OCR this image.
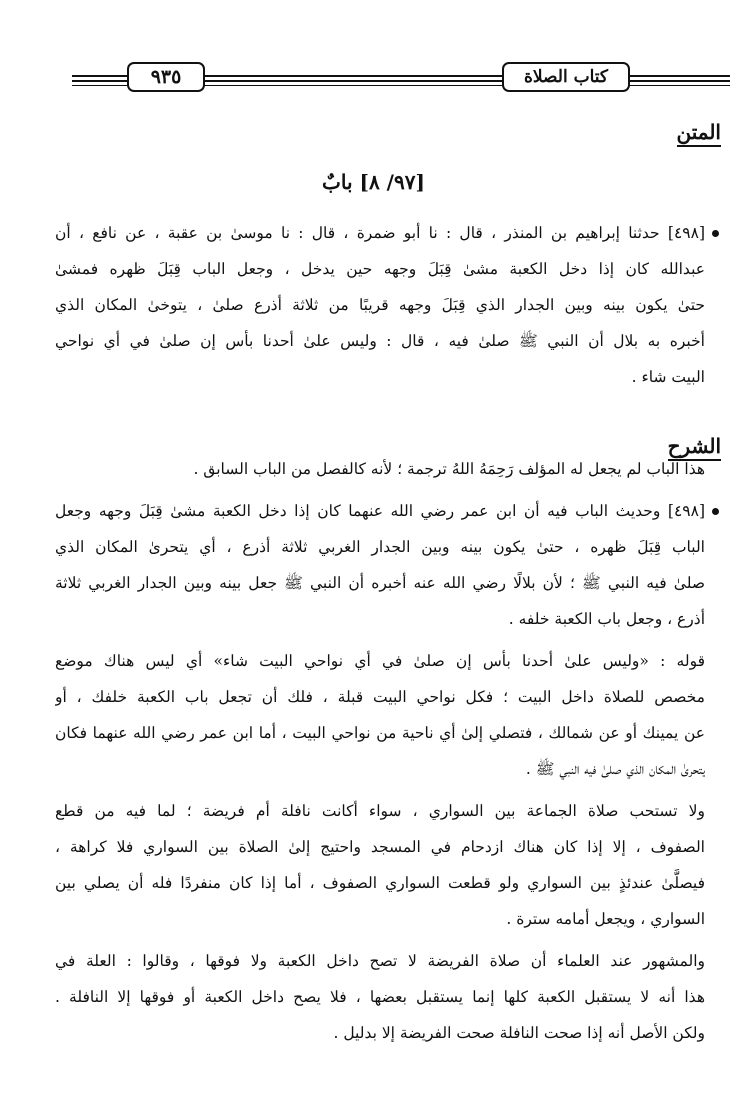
كتاب الصلاة
٩٣٥
المتن
[٩٧/ ٨] بابٌ
[٤٩٨] حدثنا إبراهيم بن المنذر ، قال : نا أبو ضمرة ، قال : نا موسىٰ بن عقبة ، عن نافع ، أن
عبدالله كان إذا دخل الكعبة مشىٰ قِبَلَ وجهه حين يدخل ، وجعل الباب قِبَلَ ظهره فمشىٰ
حتىٰ يكون بينه وبين الجدار الذي قِبَلَ وجهه قريبًا من ثلاثة أذرع صلىٰ ، يتوخىٰ المكان الذي
أخبره به بلال أن النبي ﷺ صلىٰ فيه ، قال : وليس علىٰ أحدنا بأس إن صلىٰ في أي نواحي
البيت شاء .
الشرح
هذا الباب لم يجعل له المؤلف رَحِمَهُ اللهُ ترجمة ؛ لأنه كالفصل من الباب السابق .
[٤٩٨] وحديث الباب فيه أن ابن عمر رضي الله عنهما كان إذا دخل الكعبة مشىٰ قِبَلَ وجهه وجعل
الباب قِبَلَ ظهره ، حتىٰ يكون بينه وبين الجدار الغربي ثلاثة أذرع ، أي يتحرىٰ المكان الذي
صلىٰ فيه النبي ﷺ ؛ لأن بلالًا رضي الله عنه أخبره أن النبي ﷺ جعل بينه وبين الجدار الغربي ثلاثة
أذرع ، وجعل باب الكعبة خلفه .
قوله : «وليس علىٰ أحدنا بأس إن صلىٰ في أي نواحي البيت شاء» أي ليس هناك موضع
مخصص للصلاة داخل البيت ؛ فكل نواحي البيت قبلة ، فلك أن تجعل باب الكعبة خلفك ، أو
عن يمينك أو عن شمالك ، فتصلي إلىٰ أي ناحية من نواحي البيت ، أما ابن عمر رضي الله عنهما فكان
يتحرىٰ المكان الذي صلىٰ فيه النبي ﷺ .
ولا تستحب صلاة الجماعة بين السواري ، سواء أكانت نافلة أم فريضة ؛ لما فيه من قطع
الصفوف ، إلا إذا كان هناك ازدحام في المسجد واحتيج إلىٰ الصلاة بين السواري فلا كراهة ،
فيصلَّىٰ عندئذٍ بين السواري ولو قطعت السواري الصفوف ، أما إذا كان منفردًا فله أن يصلي بين
السواري ، ويجعل أمامه سترة .
والمشهور عند العلماء أن صلاة الفريضة لا تصح داخل الكعبة ولا فوقها ، وقالوا : العلة في
هذا أنه لا يستقبل الكعبة كلها إنما يستقبل بعضها ، فلا يصح داخل الكعبة أو فوقها إلا النافلة .
ولكن الأصل أنه إذا صحت النافلة صحت الفريضة إلا بدليل .
